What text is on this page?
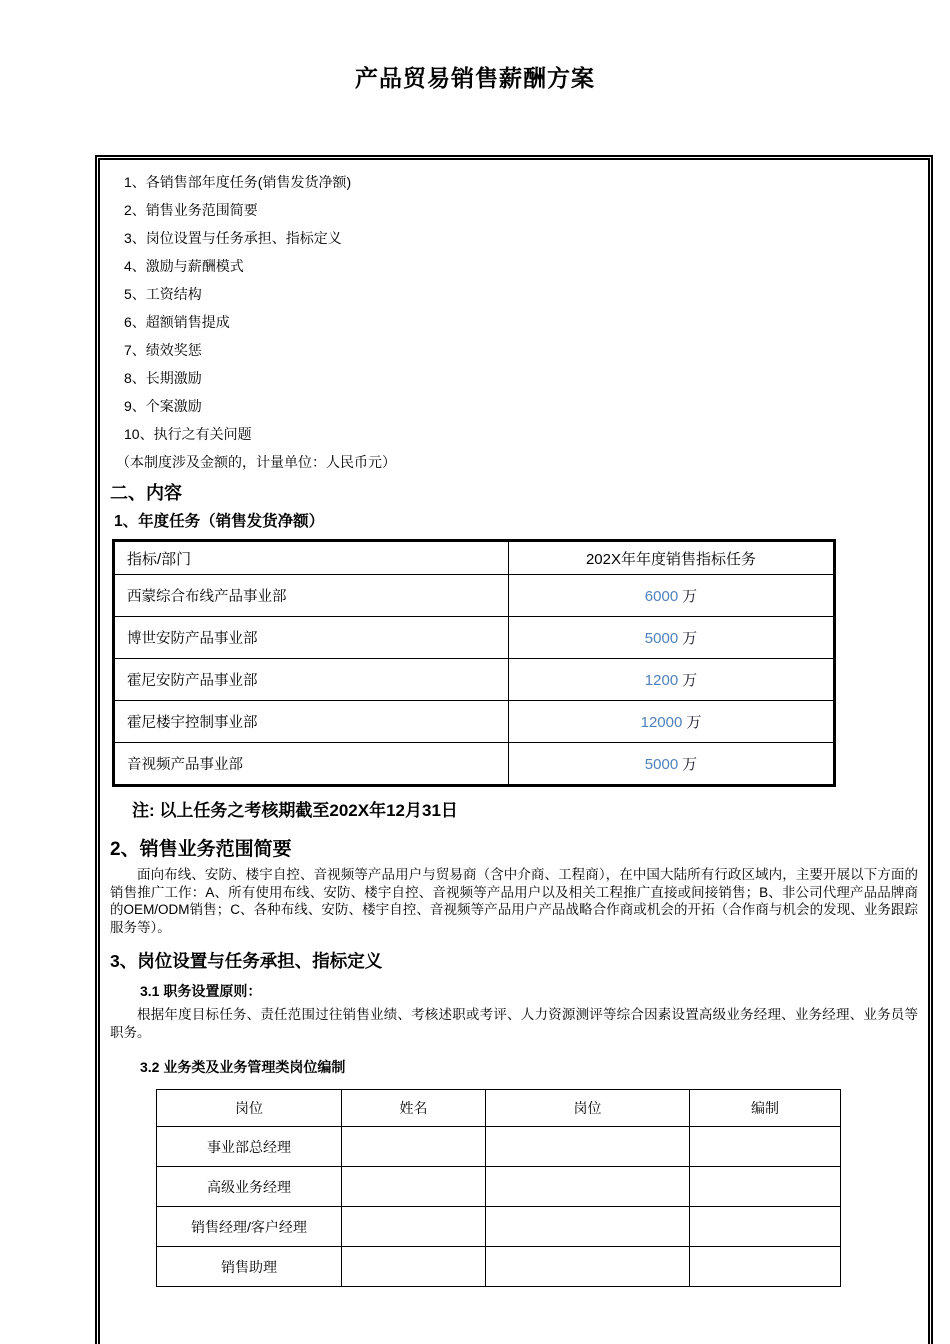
产品贸易销售薪酬方案
1、各销售部年度任务(销售发货净额)
2、销售业务范围简要
3、岗位设置与任务承担、指标定义
4、激励与薪酬模式
5、工资结构
6、超额销售提成
7、绩效奖惩
8、长期激励
9、个案激励
10、执行之有关问题
（本制度涉及金额的，计量单位：人民币元）
二、内容
1、年度任务（销售发货净额）
指标/部门	202X年年度销售指标任务
西蒙综合布线产品事业部	6000 万
博世安防产品事业部	5000 万
霍尼安防产品事业部	1200 万
霍尼楼宇控制事业部	12000 万
音视频产品事业部	5000 万
注: 以上任务之考核期截至202X年12月31日
2、销售业务范围简要

面向布线、安防、楼宇自控、音视频等产品用户与贸易商（含中介商、工程商），在中国大陆所有行政区域内，主要开展以下方面的销售推广工作：A、所有使用布线、安防、楼宇自控、音视频等产品用户以及相关工程推广直接或间接销售；B、非公司代理产品品牌商的OEM/ODM销售；C、各种布线、安防、楼宇自控、音视频等产品用户产品战略合作商或机会的开拓（合作商与机会的发现、业务跟踪服务等）。

3、岗位设置与任务承担、指标定义
3.1 职务设置原则：

根据年度目标任务、责任范围过往销售业绩、考核述职或考评、人力资源测评等综合因素设置高级业务经理、业务经理、业务员等职务。

3.2 业务类及业务管理类岗位编制
岗位	姓名	岗位	编制
事业部总经理			
高级业务经理			
销售经理/客户经理			
销售助理			
